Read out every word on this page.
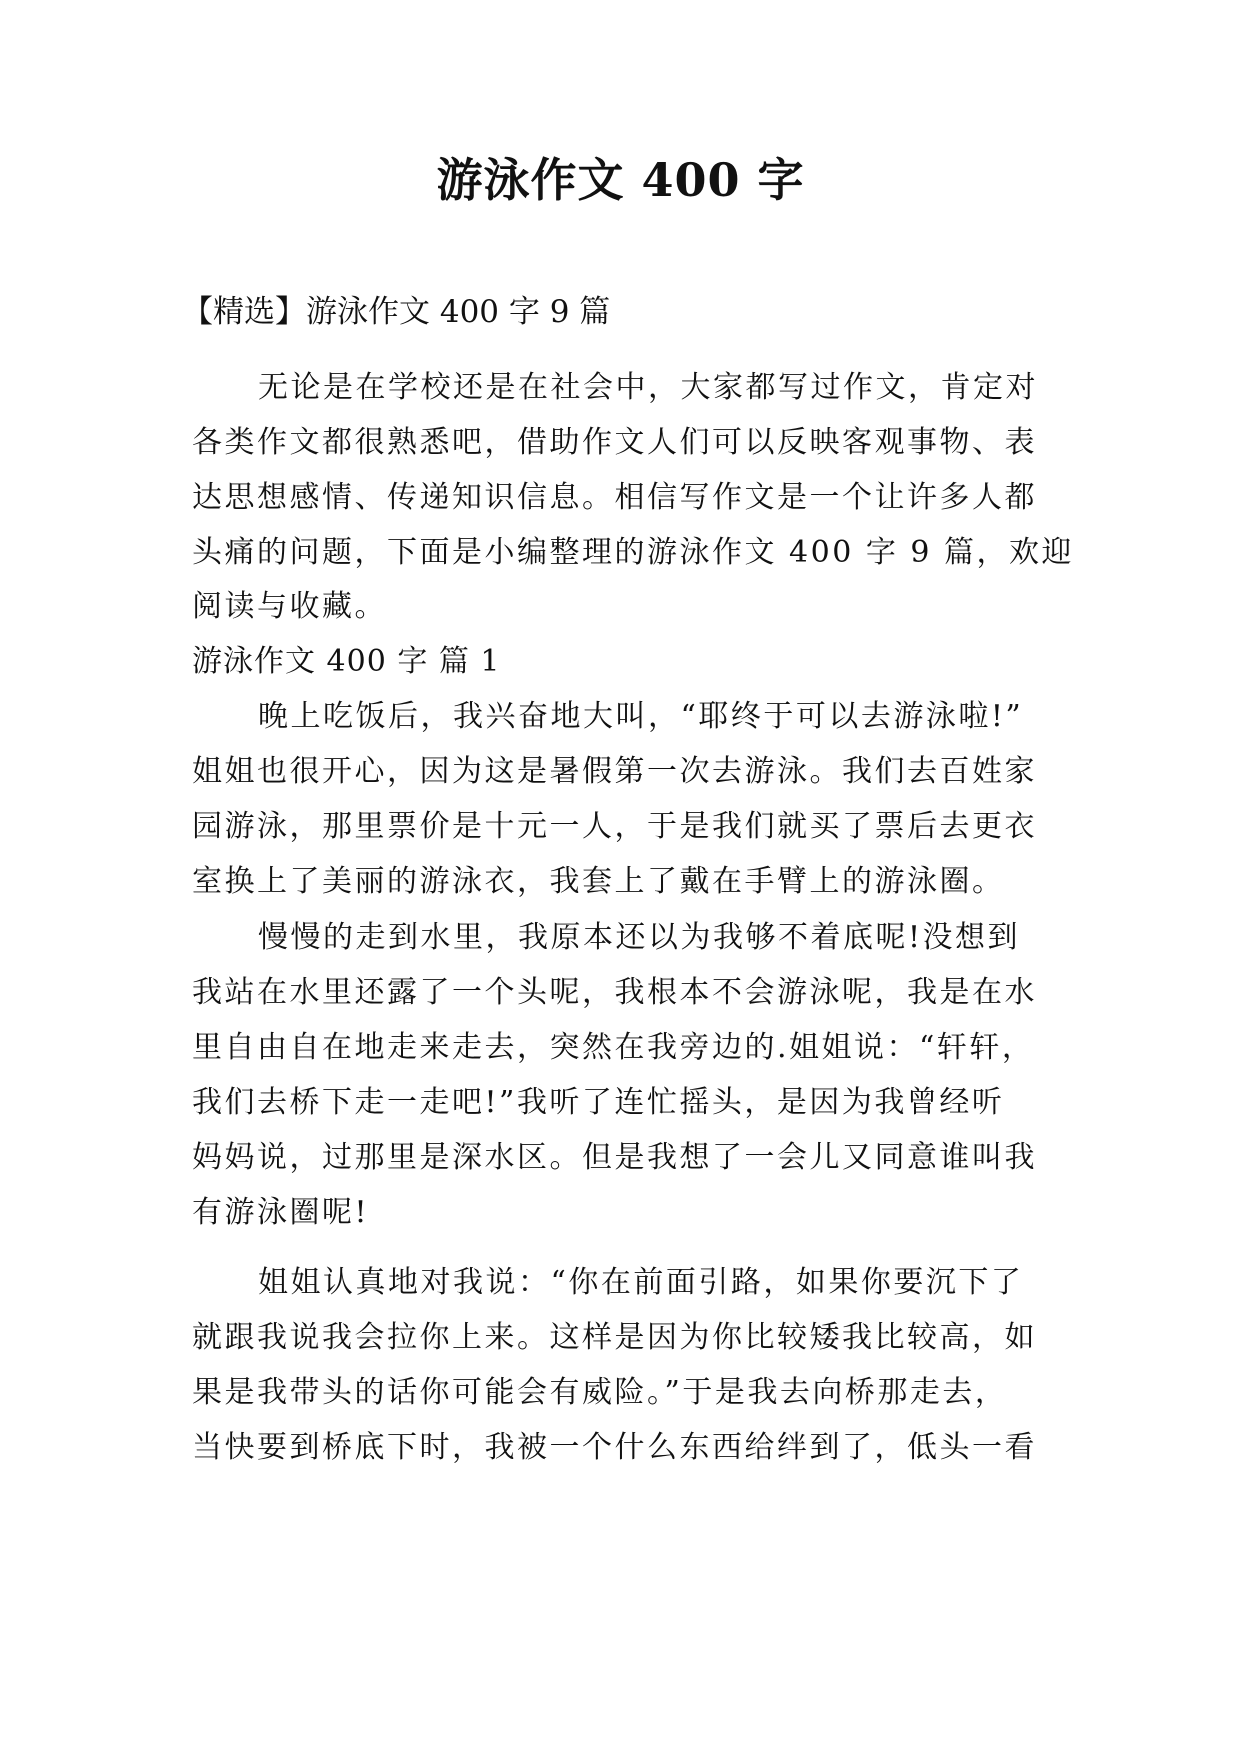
游泳作文 400 字

【精选】游泳作文 400 字 9 篇

无论是在学校还是在社会中，大家都写过作文，肯定对

各类作文都很熟悉吧，借助作文人们可以反映客观事物、表

达思想感情、传递知识信息。相信写作文是一个让许多人都

头痛的问题，下面是小编整理的游泳作文 400 字 9 篇，欢迎

阅读与收藏。

游泳作文 400 字 篇 1

晚上吃饭后，我兴奋地大叫，“耶终于可以去游泳啦!”

姐姐也很开心，因为这是暑假第一次去游泳。我们去百姓家

园游泳，那里票价是十元一人，于是我们就买了票后去更衣

室换上了美丽的游泳衣，我套上了戴在手臂上的游泳圈。

慢慢的走到水里，我原本还以为我够不着底呢!没想到

我站在水里还露了一个头呢，我根本不会游泳呢，我是在水

里自由自在地走来走去，突然在我旁边的.姐姐说：“轩轩，

我们去桥下走一走吧!”我听了连忙摇头，是因为我曾经听

妈妈说，过那里是深水区。但是我想了一会儿又同意谁叫我

有游泳圈呢!

姐姐认真地对我说：“你在前面引路，如果你要沉下了

就跟我说我会拉你上来。这样是因为你比较矮我比较高，如

果是我带头的话你可能会有威险。”于是我去向桥那走去，

当快要到桥底下时，我被一个什么东西给绊到了，低头一看
